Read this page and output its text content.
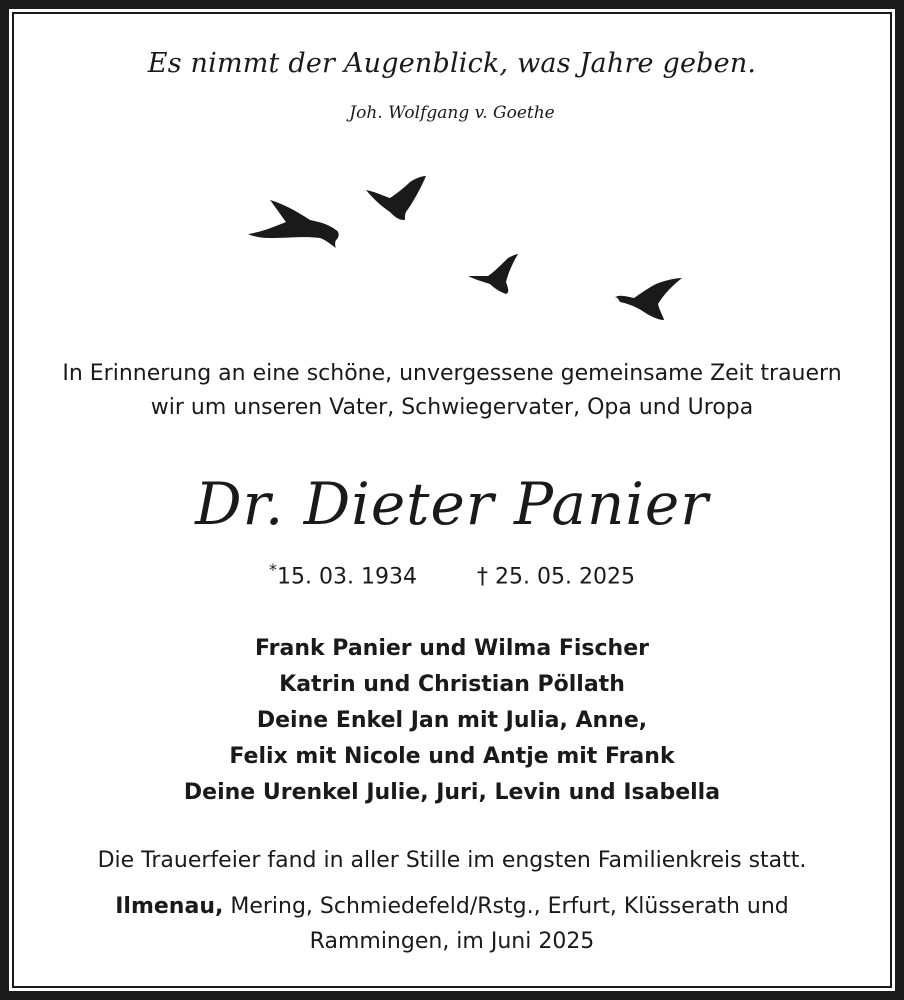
Es nimmt der Augenblick, was Jahre geben.
Joh. Wolfgang v. Goethe
In Erinnerung an eine schöne, unvergessene gemeinsame Zeit trauern
wir um unseren Vater, Schwiegervater, Opa und Uropa
Dr. Dieter Panier
*15. 03. 1934	† 25. 05. 2025
Frank Panier und Wilma Fischer
Katrin und Christian Pöllath
Deine Enkel Jan mit Julia, Anne,
Felix mit Nicole und Antje mit Frank
Deine Urenkel Julie, Juri, Levin und Isabella
Die Trauerfeier fand in aller Stille im engsten Familienkreis statt.
Ilmenau, Mering, Schmiedefeld/Rstg., Erfurt, Klüsserath und
Rammingen, im Juni 2025
